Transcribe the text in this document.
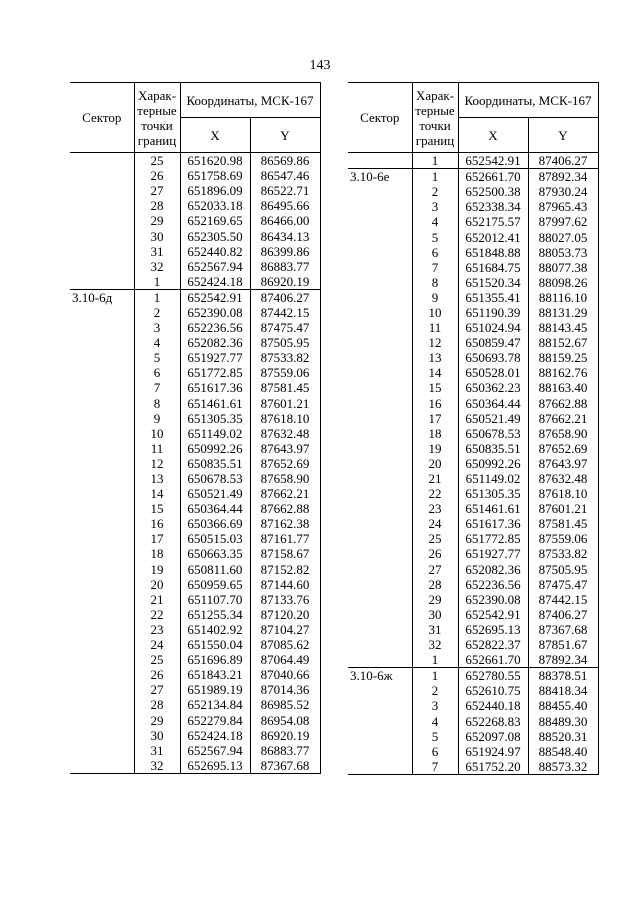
143
Сектор	Харак-терные точки границ	Координаты, МСК-167	
		X	Y
	25	651620.98	86569.86
	26	651758.69	86547.46
	27	651896.09	86522.71
	28	652033.18	86495.66
	29	652169.65	86466.00
	30	652305.50	86434.13
	31	652440.82	86399.86
	32	652567.94	86883.77
	1	652424.18	86920.19
3.10-6д	1	652542.91	87406.27
	2	652390.08	87442.15
	3	652236.56	87475.47
	4	652082.36	87505.95
	5	651927.77	87533.82
	6	651772.85	87559.06
	7	651617.36	87581.45
	8	651461.61	87601.21
	9	651305.35	87618.10
	10	651149.02	87632.48
	11	650992.26	87643.97
	12	650835.51	87652.69
	13	650678.53	87658.90
	14	650521.49	87662.21
	15	650364.44	87662.88
	16	650366.69	87162.38
	17	650515.03	87161.77
	18	650663.35	87158.67
	19	650811.60	87152.82
	20	650959.65	87144.60
	21	651107.70	87133.76
	22	651255.34	87120.20
	23	651402.92	87104.27
	24	651550.04	87085.62
	25	651696.89	87064.49
	26	651843.21	87040.66
	27	651989.19	87014.36
	28	652134.84	86985.52
	29	652279.84	86954.08
	30	652424.18	86920.19
	31	652567.94	86883.77
	32	652695.13	87367.68
Сектор	Харак-терные точки границ	Координаты, МСК-167	
		X	Y
	1	652542.91	87406.27
3.10-6е	1	652661.70	87892.34
	2	652500.38	87930.24
	3	652338.34	87965.43
	4	652175.57	87997.62
	5	652012.41	88027.05
	6	651848.88	88053.73
	7	651684.75	88077.38
	8	651520.34	88098.26
	9	651355.41	88116.10
	10	651190.39	88131.29
	11	651024.94	88143.45
	12	650859.47	88152.67
	13	650693.78	88159.25
	14	650528.01	88162.76
	15	650362.23	88163.40
	16	650364.44	87662.88
	17	650521.49	87662.21
	18	650678.53	87658.90
	19	650835.51	87652.69
	20	650992.26	87643.97
	21	651149.02	87632.48
	22	651305.35	87618.10
	23	651461.61	87601.21
	24	651617.36	87581.45
	25	651772.85	87559.06
	26	651927.77	87533.82
	27	652082.36	87505.95
	28	652236.56	87475.47
	29	652390.08	87442.15
	30	652542.91	87406.27
	31	652695.13	87367.68
	32	652822.37	87851.67
	1	652661.70	87892.34
3.10-6ж	1	652780.55	88378.51
	2	652610.75	88418.34
	3	652440.18	88455.40
	4	652268.83	88489.30
	5	652097.08	88520.31
	6	651924.97	88548.40
	7	651752.20	88573.32
